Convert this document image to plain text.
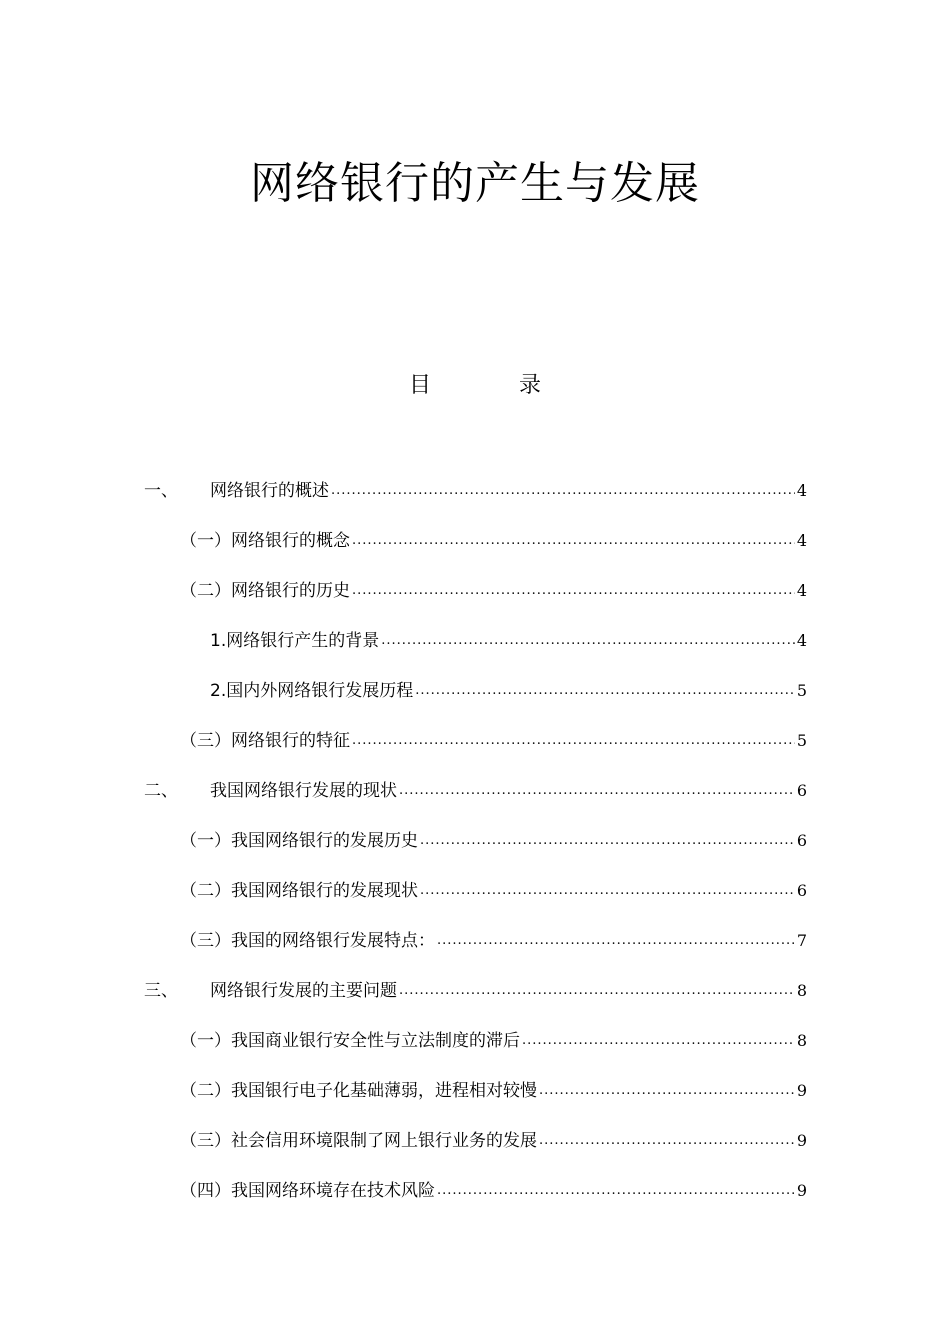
网络银行的产生与发展
目	录
一、	网络银行的概述 .....	4
（一）网络银行的概念 .....	4
（二）网络银行的历史 .....	4
1.网络银行产生的背景 .....	4
2.国内外网络银行发展历程 .....	5
（三）网络银行的特征 .....	5
二、	我国网络银行发展的现状 .....	6
（一）我国网络银行的发展历史 .....	6
（二）我国网络银行的发展现状 .....	6
（三）我国的网络银行发展特点： .....	7
三、	网络银行发展的主要问题 .....	8
（一）我国商业银行安全性与立法制度的滞后 .....	8
（二）我国银行电子化基础薄弱，进程相对较慢 .....	9
（三）社会信用环境限制了网上银行业务的发展 .....	9
（四）我国网络环境存在技术风险 .....	9
